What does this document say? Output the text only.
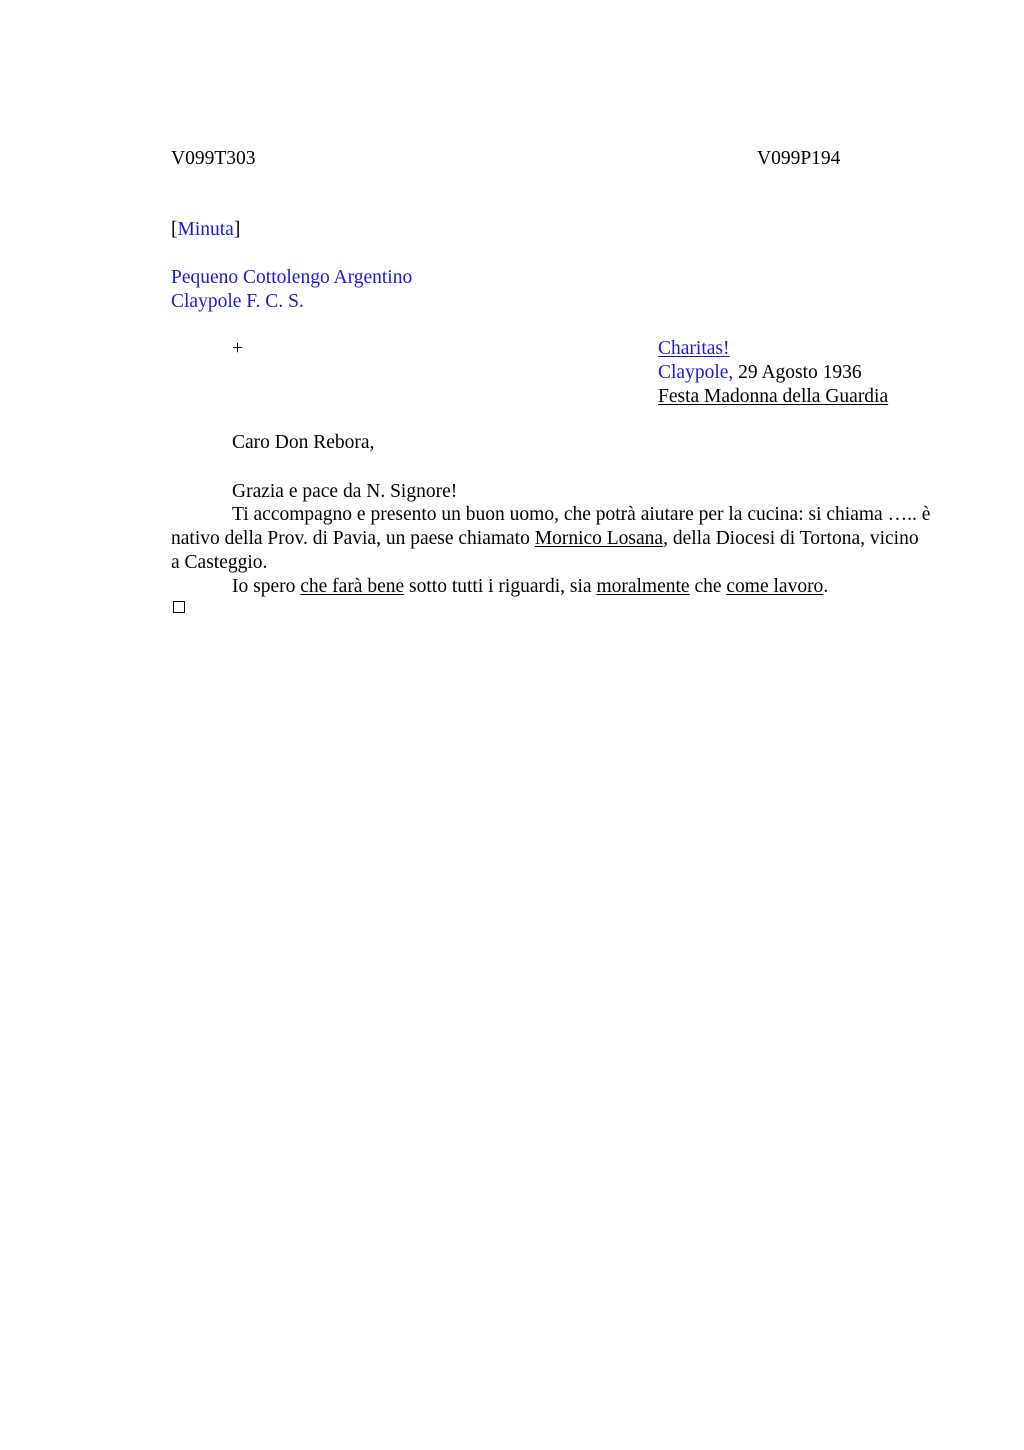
V099T303	V099P194
[Minuta]
Pequeno Cottolengo Argentino
Claypole F. C. S.
+	Charitas!
Claypole, 29 Agosto 1936
Festa Madonna della Guardia
Caro Don Rebora,
Grazia e pace da N. Signore!

Ti accompagno e presento un buon uomo, che potrà aiutare per la cucina: si chiama ….. è nativo della Prov. di Pavia, un paese chiamato Mornico Losana, della Diocesi di Tortona, vicino a Casteggio.

Io spero che farà bene sotto tutti i riguardi, sia moralmente che come lavoro.
